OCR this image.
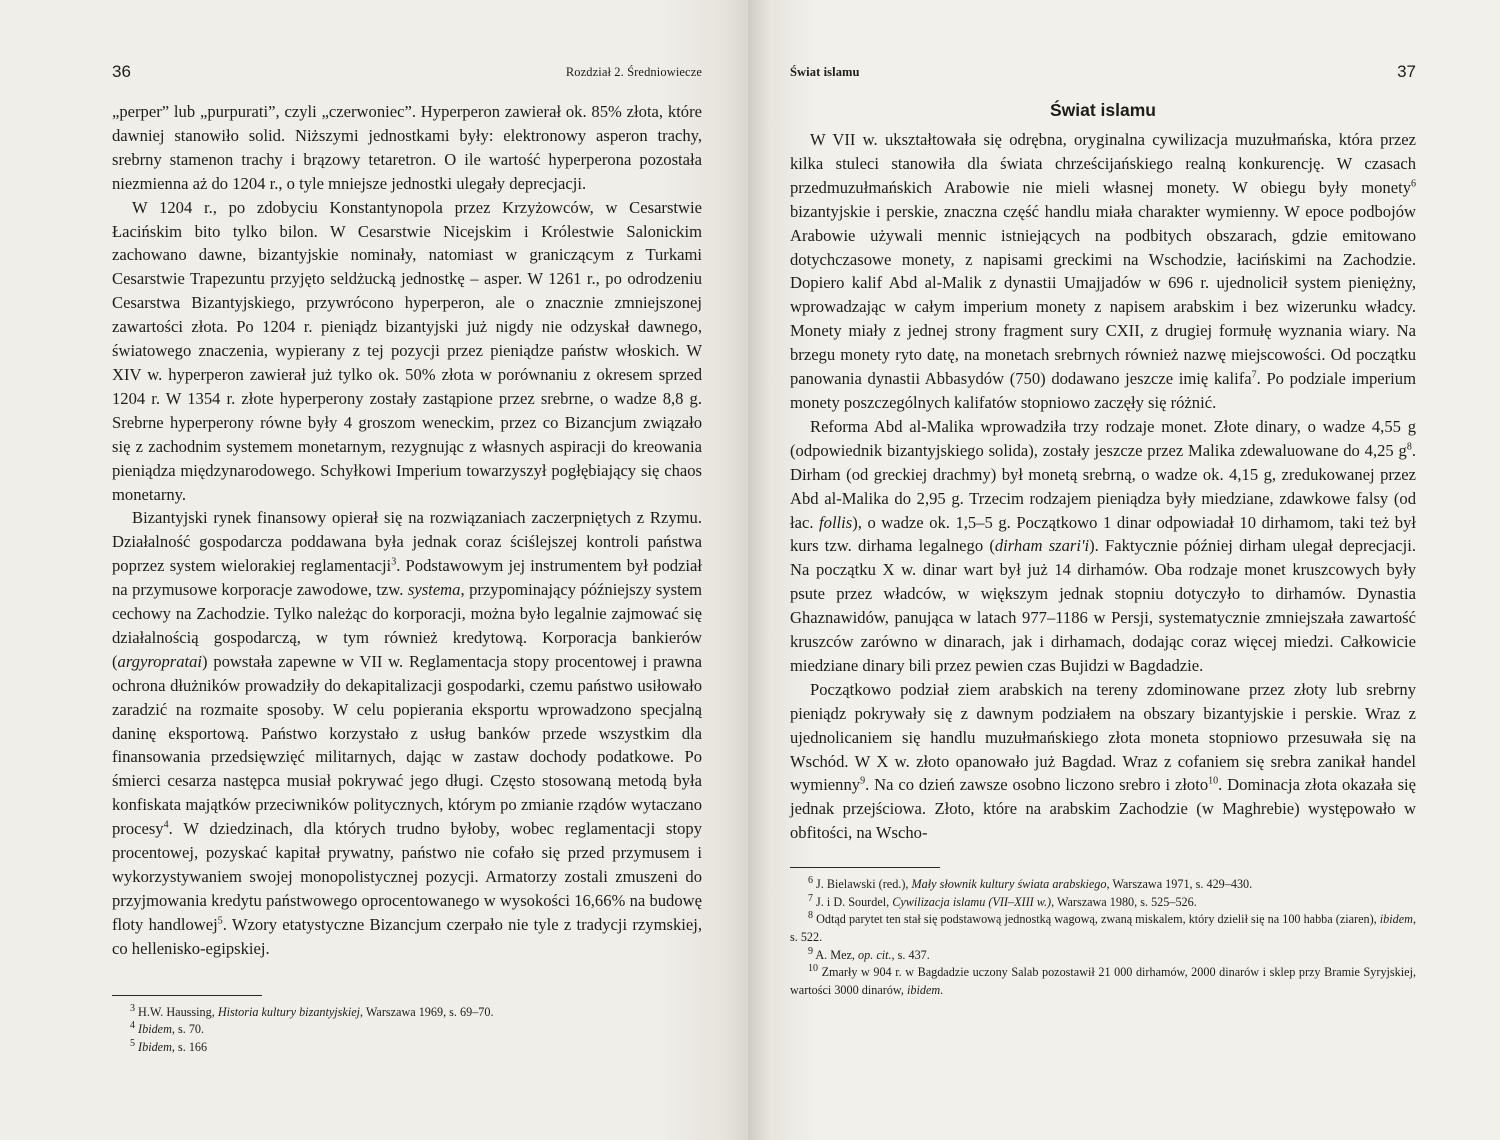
36	Rozdział 2. Średniowiecze

„perper” lub „purpurati”, czyli „czerwoniec”. Hyperperon zawierał ok. 85% złota, które dawniej stanowiło solid. Niższymi jednostkami były: elektronowy asperon trachy, srebrny stamenon trachy i brązowy tetaretron. O ile wartość hyperperona pozostała niezmienna aż do 1204 r., o tyle mniejsze jednostki ulegały deprecjacji.

W 1204 r., po zdobyciu Konstantynopola przez Krzyżowców, w Cesarstwie Łacińskim bito tylko bilon. W Cesarstwie Nicejskim i Królestwie Salonickim zachowano dawne, bizantyjskie nominały, natomiast w graniczącym z Turkami Cesarstwie Trapezuntu przyjęto seldżucką jednostkę – asper. W 1261 r., po odrodzeniu Cesarstwa Bizantyjskiego, przywrócono hyperperon, ale o znacznie zmniejszonej zawartości złota. Po 1204 r. pieniądz bizantyjski już nigdy nie odzyskał dawnego, światowego znaczenia, wypierany z tej pozycji przez pieniądze państw włoskich. W XIV w. hyperperon zawierał już tylko ok. 50% złota w porównaniu z okresem sprzed 1204 r. W 1354 r. złote hyperperony zostały zastąpione przez srebrne, o wadze 8,8 g. Srebrne hyperperony równe były 4 groszom weneckim, przez co Bizancjum związało się z zachodnim systemem monetarnym, rezygnując z własnych aspiracji do kreowania pieniądza międzynarodowego. Schyłkowi Imperium towarzyszył pogłębiający się chaos monetarny.

Bizantyjski rynek finansowy opierał się na rozwiązaniach zaczerpniętych z Rzymu. Działalność gospodarcza poddawana była jednak coraz ściślejszej kontroli państwa poprzez system wielorakiej reglamentacji$^3$. Podstawowym jej instrumentem był podział na przymusowe korporacje zawodowe, tzw. systema, przypominający późniejszy system cechowy na Zachodzie. Tylko należąc do korporacji, można było legalnie zajmować się działalnością gospodarczą, w tym również kredytową. Korporacja bankierów (argyropratai) powstała zapewne w VII w. Reglamentacja stopy procentowej i prawna ochrona dłużników prowadziły do dekapitalizacji gospodarki, czemu państwo usiłowało zaradzić na rozmaite sposoby. W celu popierania eksportu wprowadzono specjalną daninę eksportową. Państwo korzystało z usług banków przede wszystkim dla finansowania przedsięwzięć militarnych, dając w zastaw dochody podatkowe. Po śmierci cesarza następca musiał pokrywać jego długi. Często stosowaną metodą była konfiskata majątków przeciwników politycznych, którym po zmianie rządów wytaczano procesy$^4$. W dziedzinach, dla których trudno byłoby, wobec reglamentacji stopy procentowej, pozyskać kapitał prywatny, państwo nie cofało się przed przymusem i wykorzystywaniem swojej monopolistycznej pozycji. Armatorzy zostali zmuszeni do przyjmowania kredytu państwowego oprocentowanego w wysokości 16,66% na budowę floty handlowej$^5$. Wzory etatystyczne Bizancjum czerpało nie tyle z tradycji rzymskiej, co hellenisko-egipskiej.

$^3$ H.W. Haussing, Historia kultury bizantyjskiej, Warszawa 1969, s. 69–70.

$^4$ Ibidem, s. 70.

$^5$ Ibidem, s. 166

Świat islamu	37
Świat islamu

W VII w. ukształtowała się odrębna, oryginalna cywilizacja muzułmańska, która przez kilka stuleci stanowiła dla świata chrześcijańskiego realną konkurencję. W czasach przedmuzułmańskich Arabowie nie mieli własnej monety. W obiegu były monety$^6$ bizantyjskie i perskie, znaczna część handlu miała charakter wymienny. W epoce podbojów Arabowie używali mennic istniejących na podbitych obszarach, gdzie emitowano dotychczasowe monety, z napisami greckimi na Wschodzie, łacińskimi na Zachodzie. Dopiero kalif Abd al-Malik z dynastii Umajjadów w 696 r. ujednolicił system pieniężny, wprowadzając w całym imperium monety z napisem arabskim i bez wizerunku władcy. Monety miały z jednej strony fragment sury CXII, z drugiej formułę wyznania wiary. Na brzegu monety ryto datę, na monetach srebrnych również nazwę miejscowości. Od początku panowania dynastii Abbasydów (750) dodawano jeszcze imię kalifa$^7$. Po podziale imperium monety poszczególnych kalifatów stopniowo zaczęły się różnić.

Reforma Abd al-Malika wprowadziła trzy rodzaje monet. Złote dinary, o wadze 4,55 g (odpowiednik bizantyjskiego solida), zostały jeszcze przez Malika zdewaluowane do 4,25 $g^8$. Dirham (od greckiej drachmy) był monetą srebrną, o wadze ok. 4,15 g, zredukowanej przez Abd al-Malika do 2,95 g. Trzecim rodzajem pieniądza były miedziane, zdawkowe falsy (od łac. follis), o wadze ok. 1,5–5 g. Początkowo 1 dinar odpowiadał 10 dirhamom, taki też był kurs tzw. dirhama legalnego (dirham szari'i). Faktycznie później dirham ulegał deprecjacji. Na początku X w. dinar wart był już 14 dirhamów. Oba rodzaje monet kruszcowych były psute przez władców, w większym jednak stopniu dotyczyło to dirhamów. Dynastia Ghaznawidów, panująca w latach 977–1186 w Persji, systematycznie zmniejszała zawartość kruszców zarówno w dinarach, jak i dirhamach, dodając coraz więcej miedzi. Całkowicie miedziane dinary bili przez pewien czas Bujidzi w Bagdadzie.

Początkowo podział ziem arabskich na tereny zdominowane przez złoty lub srebrny pieniądz pokrywały się z dawnym podziałem na obszary bizantyjskie i perskie. Wraz z ujednolicaniem się handlu muzułmańskiego złota moneta stopniowo przesuwała się na Wschód. W X w. złoto opanowało już Bagdad. Wraz z cofaniem się srebra zanikał handel wymienny$^9$. Na co dzień zawsze osobno liczono srebro i złoto$^{10}$. Dominacja złota okazała się jednak przejściowa. Złoto, które na arabskim Zachodzie (w Maghrebie) występowało w obfitości, na Wscho-

$^6$ J. Bielawski (red.), Mały słownik kultury świata arabskiego, Warszawa 1971, s. 429–430.

$^7$ J. i D. Sourdel, Cywilizacja islamu (VII–XIII w.), Warszawa 1980, s. 525–526.

$^8$ Odtąd parytet ten stał się podstawową jednostką wagową, zwaną miskalem, który dzielił się na 100 habba (ziaren), ibidem, s. 522.

$^9$ A. Mez, op. cit., s. 437.

$^{10}$ Zmarły w 904 r. w Bagdadzie uczony Salab pozostawił 21 000 dirhamów, 2000 dinarów i sklep przy Bramie Syryjskiej, wartości 3000 dinarów, ibidem.
